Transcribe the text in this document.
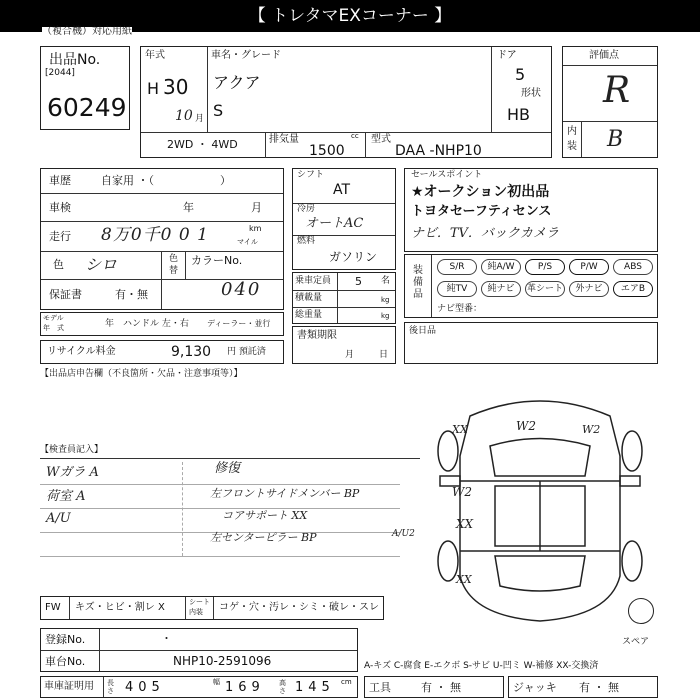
【 トレタマEXコーナー 】
（複合機）対応用紙
出品No.
[2044]
60249
年式
H 30
10 月
車名・グレード
アクア
S
ドア
5
形状
HB
2WD ・ 4WD	排気量	cc
1500
型式
DAA -NHP10
評価点
R
内
装 B
車歴	自家用 ・（　　　　　　）
車検	年	月
走行 8万0千0 0 1	km
マイル
色 シロ	色
替
カラーNo.
保証書	有・無	040
モデル
年　式	年 ハンドル 左・右 ディーラー・並行
リサイクル料金	9,130 円 預託済
シフト
AT
冷房
オートAC
燃料
ガソリン
乗車定員 5 名
積載量	kg
総重量	kg
書類期限
月	日
セールスポイント
★オークション初出品
トヨタセーフティセンス
ナビ．TV．バックカメラ
装備品
ナビ型番：
S/R	純A/W	P/S	P/W	ABS
純TV	純ナビ	革シート	外ナビ	エアB
後日品
【出品店申告欄（不良箇所・欠品・注意事項等）】
【検査員記入】
Wガラ A	修復
荷室 A	左フロントサイドメンバー BP
A/U	コアサポート XX
左センターピラー BP
XX	W2	W2
W2
XX
XX
A/U2
スペア
FW キズ・ヒビ・割レ X	シート
内装 コゲ・穴・汚レ・シミ・破レ・スレ
登録No.	・
車台No.	NHP10-2591096
車庫証明用 長さ 405	幅 169 高さ 145 cm
A-キズ C-腐食 E-エクボ S-サビ U-凹ミ W-補修 XX-交換済
工具	有 ・ 無	ジャッキ 有 ・ 無
